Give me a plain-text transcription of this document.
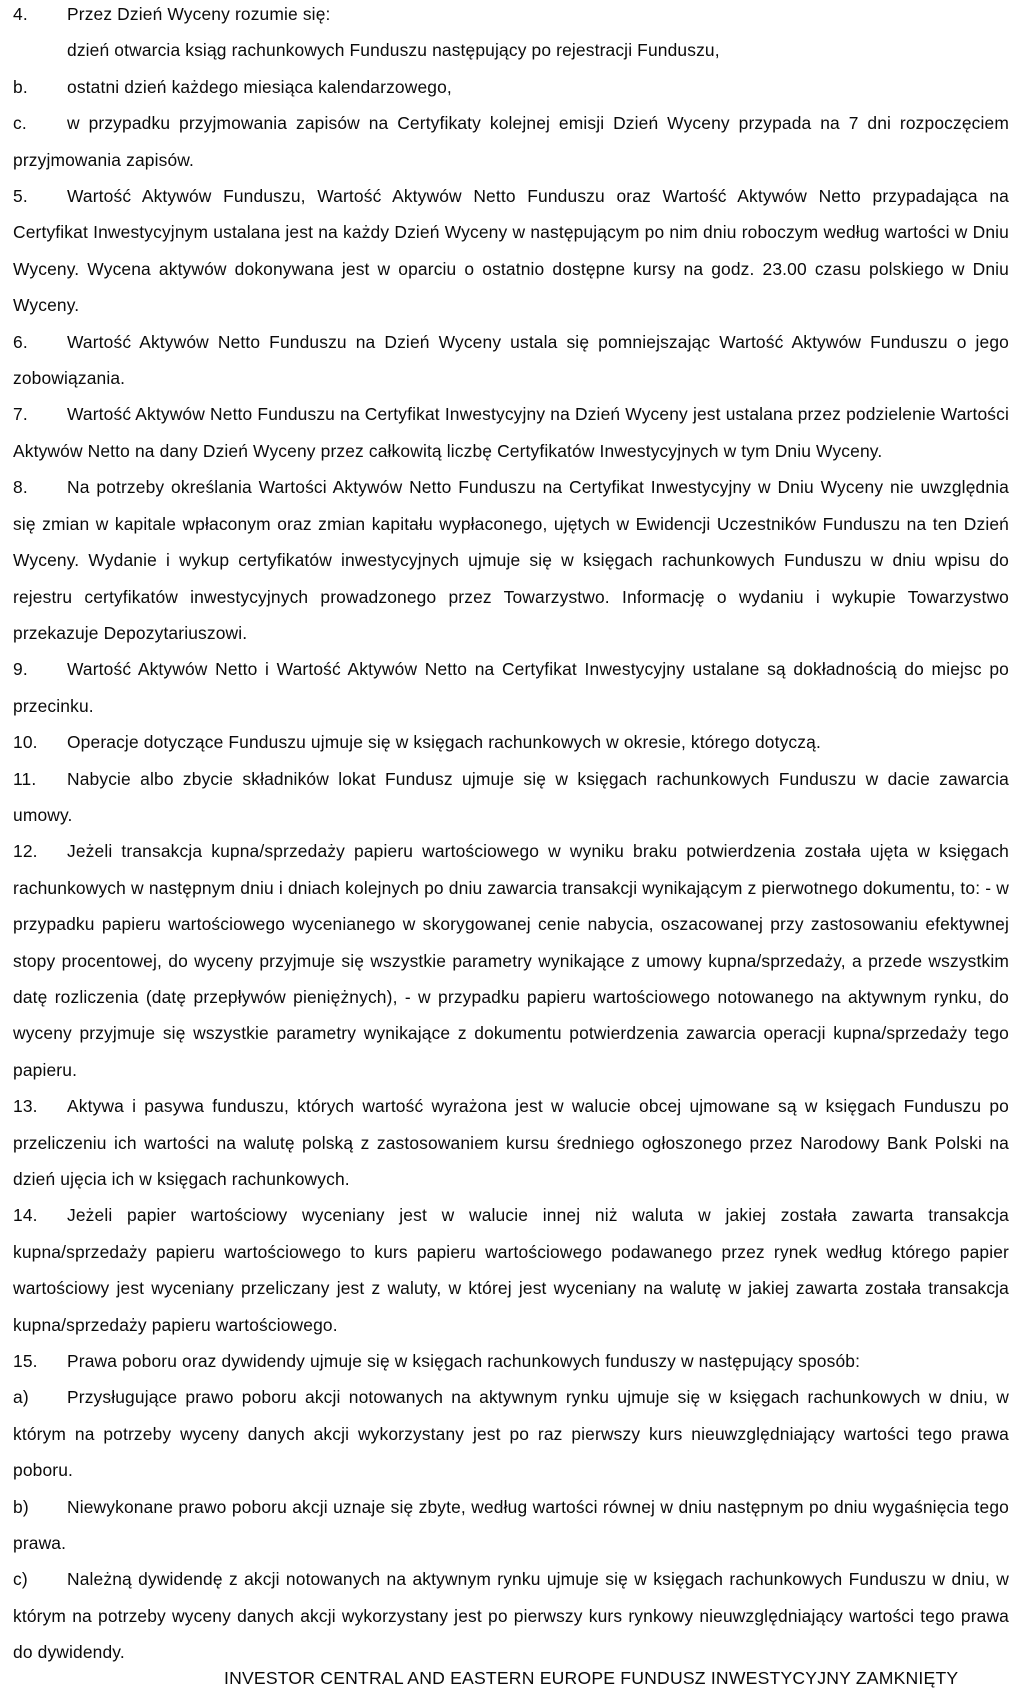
4. Przez Dzień Wyceny rozumie się:

dzień otwarcia ksiąg rachunkowych Funduszu następujący po rejestracji Funduszu,

b. ostatni dzień każdego miesiąca kalendarzowego,

c. w przypadku przyjmowania zapisów na Certyfikaty kolejnej emisji Dzień Wyceny przypada na 7 dni rozpoczęciem przyjmowania zapisów.

5. Wartość Aktywów Funduszu, Wartość Aktywów Netto Funduszu oraz Wartość Aktywów Netto przypadająca na Certyfikat Inwestycyjnym ustalana jest na każdy Dzień Wyceny w następującym po nim dniu roboczym według wartości w Dniu Wyceny. Wycena aktywów dokonywana jest w oparciu o ostatnio dostępne kursy na godz. 23.00 czasu polskiego w Dniu Wyceny.

6. Wartość Aktywów Netto Funduszu na Dzień Wyceny ustala się pomniejszając Wartość Aktywów Funduszu o jego zobowiązania.

7. Wartość Aktywów Netto Funduszu na Certyfikat Inwestycyjny na Dzień Wyceny jest ustalana przez podzielenie Wartości Aktywów Netto na dany Dzień Wyceny przez całkowitą liczbę Certyfikatów Inwestycyjnych w tym Dniu Wyceny.

8. Na potrzeby określania Wartości Aktywów Netto Funduszu na Certyfikat Inwestycyjny w Dniu Wyceny nie uwzględnia się zmian w kapitale wpłaconym oraz zmian kapitału wypłaconego, ujętych w Ewidencji Uczestników Funduszu na ten Dzień Wyceny. Wydanie i wykup certyfikatów inwestycyjnych ujmuje się w księgach rachunkowych Funduszu w dniu wpisu do rejestru certyfikatów inwestycyjnych prowadzonego przez Towarzystwo. Informację o wydaniu i wykupie Towarzystwo przekazuje Depozytariuszowi.

9. Wartość Aktywów Netto i Wartość Aktywów Netto na Certyfikat Inwestycyjny ustalane są dokładnością do miejsc po przecinku.

10. Operacje dotyczące Funduszu ujmuje się w księgach rachunkowych w okresie, którego dotyczą.

11. Nabycie albo zbycie składników lokat Fundusz ujmuje się w księgach rachunkowych Funduszu w dacie zawarcia umowy.

12. Jeżeli transakcja kupna/sprzedaży papieru wartościowego w wyniku braku potwierdzenia została ujęta w księgach rachunkowych w następnym dniu i dniach kolejnych po dniu zawarcia transakcji wynikającym z pierwotnego dokumentu, to: - w przypadku papieru wartościowego wycenianego w skorygowanej cenie nabycia, oszacowanej przy zastosowaniu efektywnej stopy procentowej, do wyceny przyjmuje się wszystkie parametry wynikające z umowy kupna/sprzedaży, a przede wszystkim datę rozliczenia (datę przepływów pieniężnych), - w przypadku papieru wartościowego notowanego na aktywnym rynku, do wyceny przyjmuje się wszystkie parametry wynikające z dokumentu potwierdzenia zawarcia operacji kupna/sprzedaży tego papieru.

13. Aktywa i pasywa funduszu, których wartość wyrażona jest w walucie obcej ujmowane są w księgach Funduszu po przeliczeniu ich wartości na walutę polską z zastosowaniem kursu średniego ogłoszonego przez Narodowy Bank Polski na dzień ujęcia ich w księgach rachunkowych.

14. Jeżeli papier wartościowy wyceniany jest w walucie innej niż waluta w jakiej została zawarta transakcja kupna/sprzedaży papieru wartościowego to kurs papieru wartościowego podawanego przez rynek według którego papier wartościowy jest wyceniany przeliczany jest z waluty, w której jest wyceniany na walutę w jakiej zawarta została transakcja kupna/sprzedaży papieru wartościowego.

15. Prawa poboru oraz dywidendy ujmuje się w księgach rachunkowych funduszy w następujący sposób:

a) Przysługujące prawo poboru akcji notowanych na aktywnym rynku ujmuje się w księgach rachunkowych w dniu, w którym na potrzeby wyceny danych akcji wykorzystany jest po raz pierwszy kurs nieuwzględniający wartości tego prawa poboru.

b) Niewykonane prawo poboru akcji uznaje się zbyte, według wartości równej w dniu następnym po dniu wygaśnięcia tego prawa.

c) Należną dywidendę z akcji notowanych na aktywnym rynku ujmuje się w księgach rachunkowych Funduszu w dniu, w którym na potrzeby wyceny danych akcji wykorzystany jest po pierwszy kurs rynkowy nieuwzględniający wartości tego prawa do dywidendy.

INVESTOR CENTRAL AND EASTERN EUROPE FUNDUSZ INWESTYCYJNY ZAMKNIĘTY
